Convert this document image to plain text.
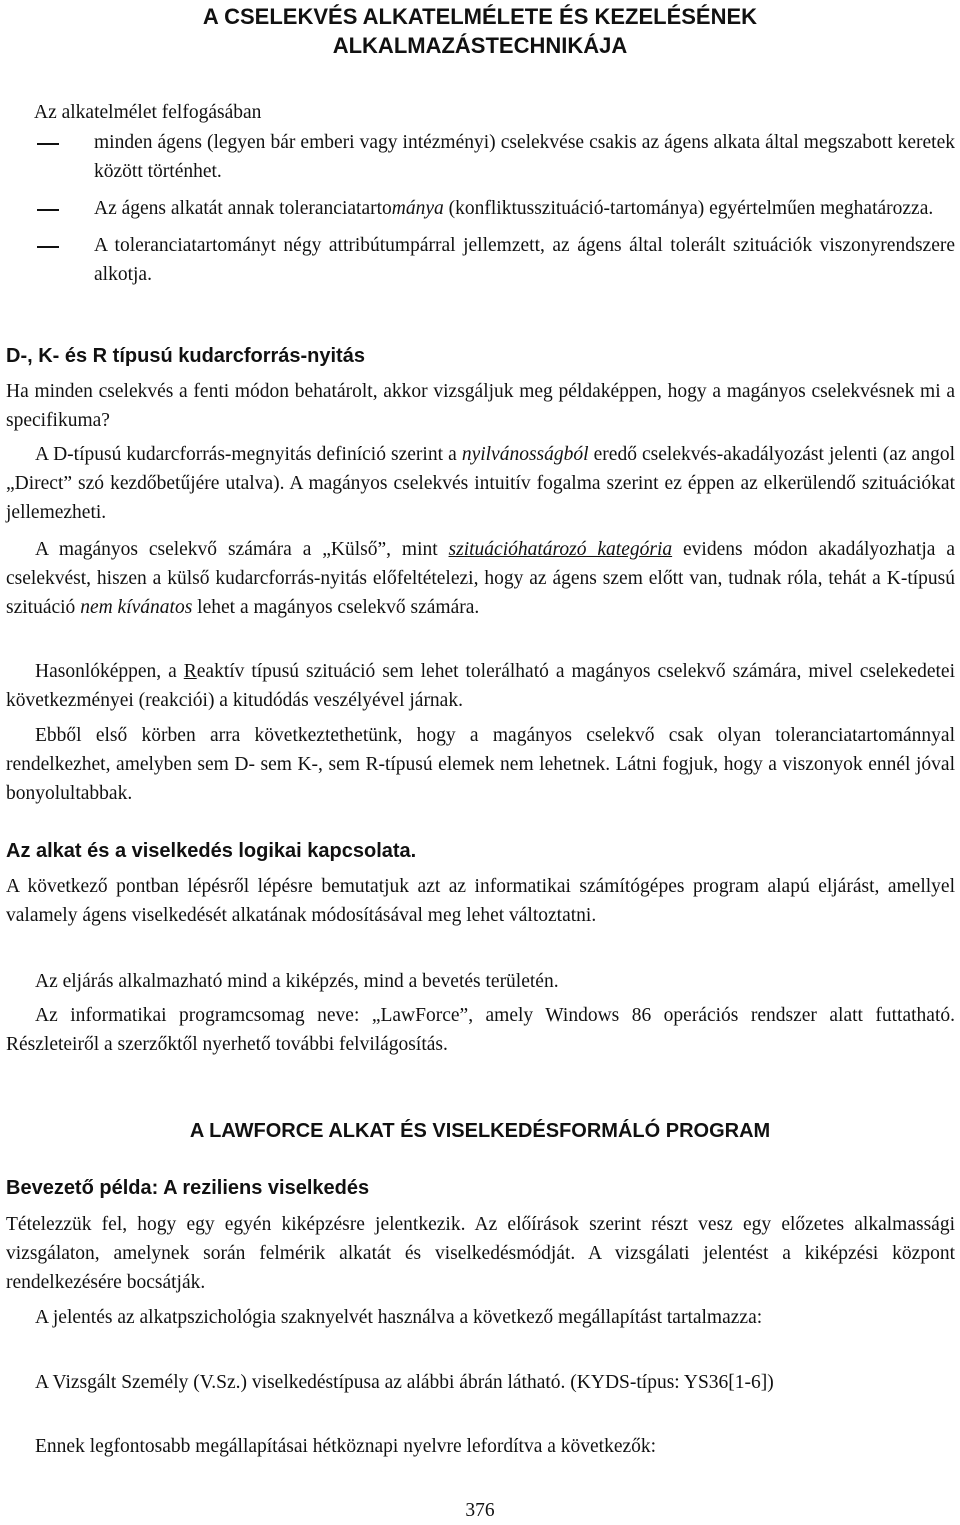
A CSELEKVÉS ALKATELMÉLETE ÉS KEZELÉSÉNEK
ALKALMAZÁSTECHNIKÁJA

Az alkatelmélet felfogásában

minden ágens (legyen bár emberi vagy intézményi) cselekvése csakis az ágens alkata által megszabott keretek között történhet.
Az ágens alkatát annak toleranciatartománya (konfliktusszituáció-tartománya) egyértelműen meghatározza.
A toleranciatartományt négy attribútumpárral jellemzett, az ágens által tolerált szituációk viszonyrendszere alkotja.
D-, K- és R típusú kudarcforrás-nyitás

Ha minden cselekvés a fenti módon behatárolt, akkor vizsgáljuk meg példaképpen, hogy a magányos cselekvésnek mi a specifikuma?

A D-típusú kudarcforrás-megnyitás definíció szerint a nyilvánosságból eredő cselekvés-akadályozást jelenti (az angol „Direct” szó kezdőbetűjére utalva). A magányos cselekvés intuitív fogalma szerint ez éppen az elkerülendő szituációkat jellemezheti.

A magányos cselekvő számára a „Külső”, mint szituációhatározó kategória evidens módon akadályozhatja a cselekvést, hiszen a külső kudarcforrás-nyitás előfeltételezi, hogy az ágens szem előtt van, tudnak róla, tehát a K-típusú szituáció nem kívánatos lehet a magányos cselekvő számára.

Hasonlóképpen, a Reaktív típusú szituáció sem lehet tolerálható a magányos cselekvő számára, mivel cselekedetei következményei (reakciói) a kitudódás veszélyével járnak.

Ebből első körben arra következtethetünk, hogy a magányos cselekvő csak olyan toleranciatartománnyal rendelkezhet, amelyben sem D- sem K-, sem R-típusú elemek nem lehetnek. Látni fogjuk, hogy a viszonyok ennél jóval bonyolultabbak.

Az alkat és a viselkedés logikai kapcsolata.

A következő pontban lépésről lépésre bemutatjuk azt az informatikai számítógépes program alapú eljárást, amellyel valamely ágens viselkedését alkatának módosításával meg lehet változtatni.

Az eljárás alkalmazható mind a kiképzés, mind a bevetés területén.

Az informatikai programcsomag neve: „LawForce”, amely Windows 86 operációs rendszer alatt futtatható. Részleteiről a szerzőktől nyerhető további felvilágosítás.

A LAWFORCE ALKAT ÉS VISELKEDÉSFORMÁLÓ PROGRAM
Bevezető példa: A reziliens viselkedés

Tételezzük fel, hogy egy egyén kiképzésre jelentkezik. Az előírások szerint részt vesz egy előzetes alkalmassági vizsgálaton, amelynek során felmérik alkatát és viselkedésmódját. A vizsgálati jelentést a kiképzési központ rendelkezésére bocsátják.

A jelentés az alkatpszichológia szaknyelvét használva a következő megállapítást tartalmazza:

A Vizsgált Személy (V.Sz.) viselkedéstípusa az alábbi ábrán látható. (KYDS-típus: YS36[1-6])

Ennek legfontosabb megállapításai hétköznapi nyelvre lefordítva a következők:

376
